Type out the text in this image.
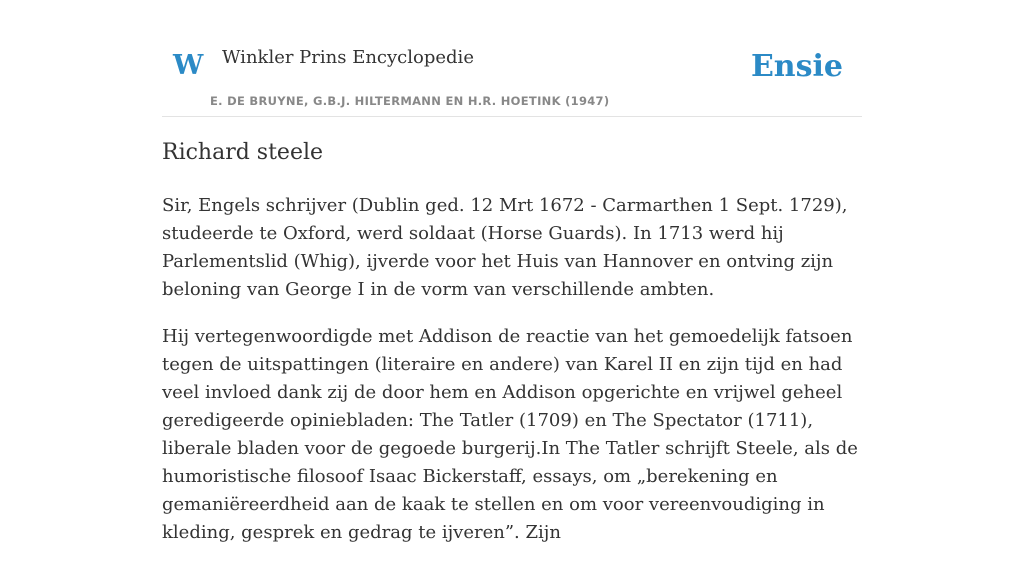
W Winkler Prins Encyclopedie
E. DE BRUYNE, G.B.J. HILTERMANN EN H.R. HOETINK (1947)
Ensie
Richard steele

Sir, Engels schrijver (Dublin ged. 12 Mrt 1672 - Carmarthen 1 Sept. 1729), studeerde te Oxford, werd soldaat (Horse Guards). In 1713 werd hij Parlementslid (Whig), ijverde voor het Huis van Hannover en ontving zijn beloning van George I in de vorm van verschillende ambten.

Hij vertegenwoordigde met Addison de reactie van het gemoedelijk fatsoen tegen de uitspattingen (literaire en andere) van Karel II en zijn tijd en had veel invloed dank zij de door hem en Addison opgerichte en vrijwel geheel geredigeerde opiniebladen: The Tatler (1709) en The Spectator (1711), liberale bladen voor de gegoede burgerij.In The Tatler schrijft Steele, als de humoristische filosoof Isaac Bickerstaff, essays, om „berekening en gemaniëreerdheid aan de kaak te stellen en om voor vereenvoudiging in kleding, gesprek en gedrag te ijveren”. Zijn
